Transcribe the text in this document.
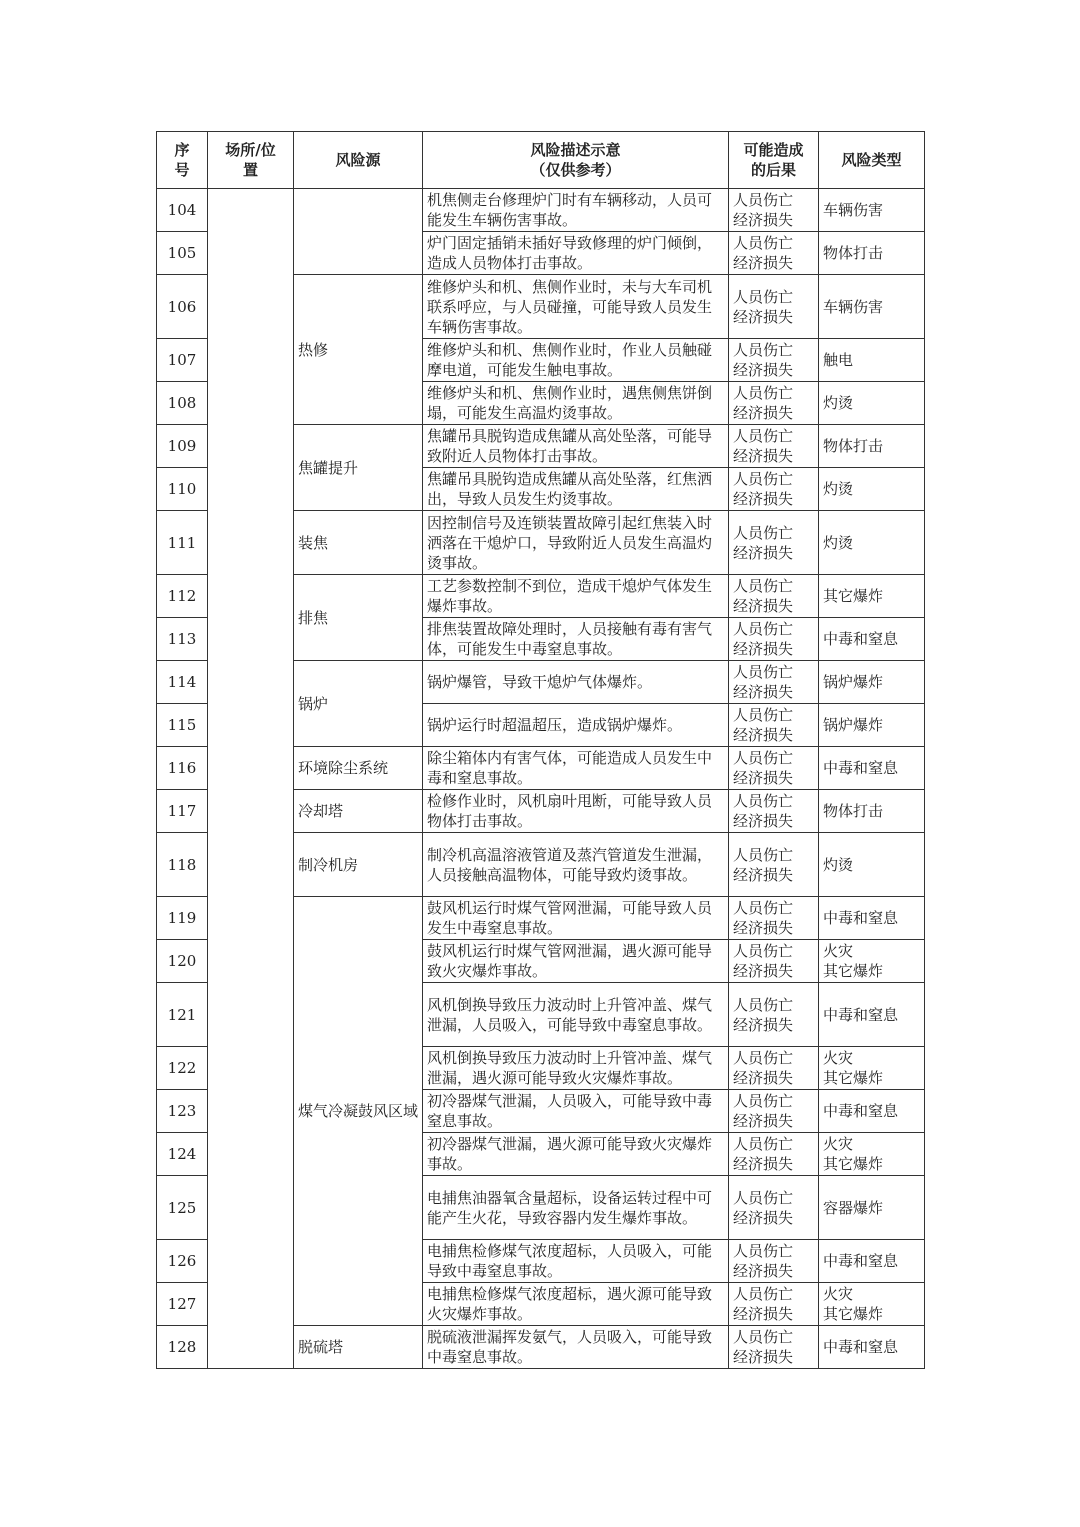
序
号	场所/位
置	风险源	风险描述示意
（仅供参考）	可能造成
的后果	风险类型
104			机焦侧走台修理炉门时有车辆移动，人员可能发生车辆伤害事故。	人员伤亡
经济损失	车辆伤害

105			炉门固定插销未插好导致修理的炉门倾倒，造成人员物体打击事故。	人员伤亡
经济损失	物体打击

106		热修	维修炉头和机、焦侧作业时，未与大车司机联系呼应，与人员碰撞，可能导致人员发生车辆伤害事故。	人员伤亡
经济损失	车辆伤害

107			维修炉头和机、焦侧作业时，作业人员触碰摩电道，可能发生触电事故。	人员伤亡
经济损失	触电

108			维修炉头和机、焦侧作业时，遇焦侧焦饼倒塌，可能发生高温灼烫事故。	人员伤亡
经济损失	灼烫

109		焦罐提升	焦罐吊具脱钩造成焦罐从高处坠落，可能导致附近人员物体打击事故。	人员伤亡
经济损失	物体打击

110			焦罐吊具脱钩造成焦罐从高处坠落，红焦洒出，导致人员发生灼烫事故。	人员伤亡
经济损失	灼烫

111		装焦	因控制信号及连锁装置故障引起红焦装入时洒落在干熄炉口，导致附近人员发生高温灼烫事故。	人员伤亡
经济损失	灼烫

112		排焦	工艺参数控制不到位，造成干熄炉气体发生爆炸事故。	人员伤亡
经济损失	其它爆炸

113			排焦装置故障处理时，人员接触有毒有害气体，可能发生中毒窒息事故。	人员伤亡
经济损失	中毒和窒息

114		锅炉	锅炉爆管，导致干熄炉气体爆炸。	人员伤亡
经济损失	锅炉爆炸

115			锅炉运行时超温超压，造成锅炉爆炸。	人员伤亡
经济损失	锅炉爆炸

116		环境除尘系统	除尘箱体内有害气体，可能造成人员发生中毒和窒息事故。	人员伤亡
经济损失	中毒和窒息

117		冷却塔	检修作业时，风机扇叶甩断，可能导致人员物体打击事故。	人员伤亡
经济损失	物体打击

118		制冷机房	制冷机高温溶液管道及蒸汽管道发生泄漏，人员接触高温物体，可能导致灼烫事故。	人员伤亡
经济损失	灼烫

119		煤气冷凝鼓风区域	鼓风机运行时煤气管网泄漏，可能导致人员发生中毒窒息事故。	人员伤亡
经济损失	中毒和窒息

120			鼓风机运行时煤气管网泄漏，遇火源可能导致火灾爆炸事故。	人员伤亡
经济损失	火灾
其它爆炸

121			风机倒换导致压力波动时上升管冲盖、煤气泄漏，人员吸入，可能导致中毒窒息事故。	人员伤亡
经济损失	中毒和窒息

122			风机倒换导致压力波动时上升管冲盖、煤气泄漏，遇火源可能导致火灾爆炸事故。	人员伤亡
经济损失	火灾
其它爆炸

123			初冷器煤气泄漏，人员吸入，可能导致中毒窒息事故。	人员伤亡
经济损失	中毒和窒息

124			初冷器煤气泄漏，遇火源可能导致火灾爆炸事故。	人员伤亡
经济损失	火灾
其它爆炸

125			电捕焦油器氧含量超标，设备运转过程中可能产生火花，导致容器内发生爆炸事故。	人员伤亡
经济损失	容器爆炸

126			电捕焦检修煤气浓度超标，人员吸入，可能导致中毒窒息事故。	人员伤亡
经济损失	中毒和窒息

127			电捕焦检修煤气浓度超标，遇火源可能导致火灾爆炸事故。	人员伤亡
经济损失	火灾
其它爆炸

128		脱硫塔	脱硫液泄漏挥发氨气，人员吸入，可能导致中毒窒息事故。	人员伤亡
经济损失	中毒和窒息
